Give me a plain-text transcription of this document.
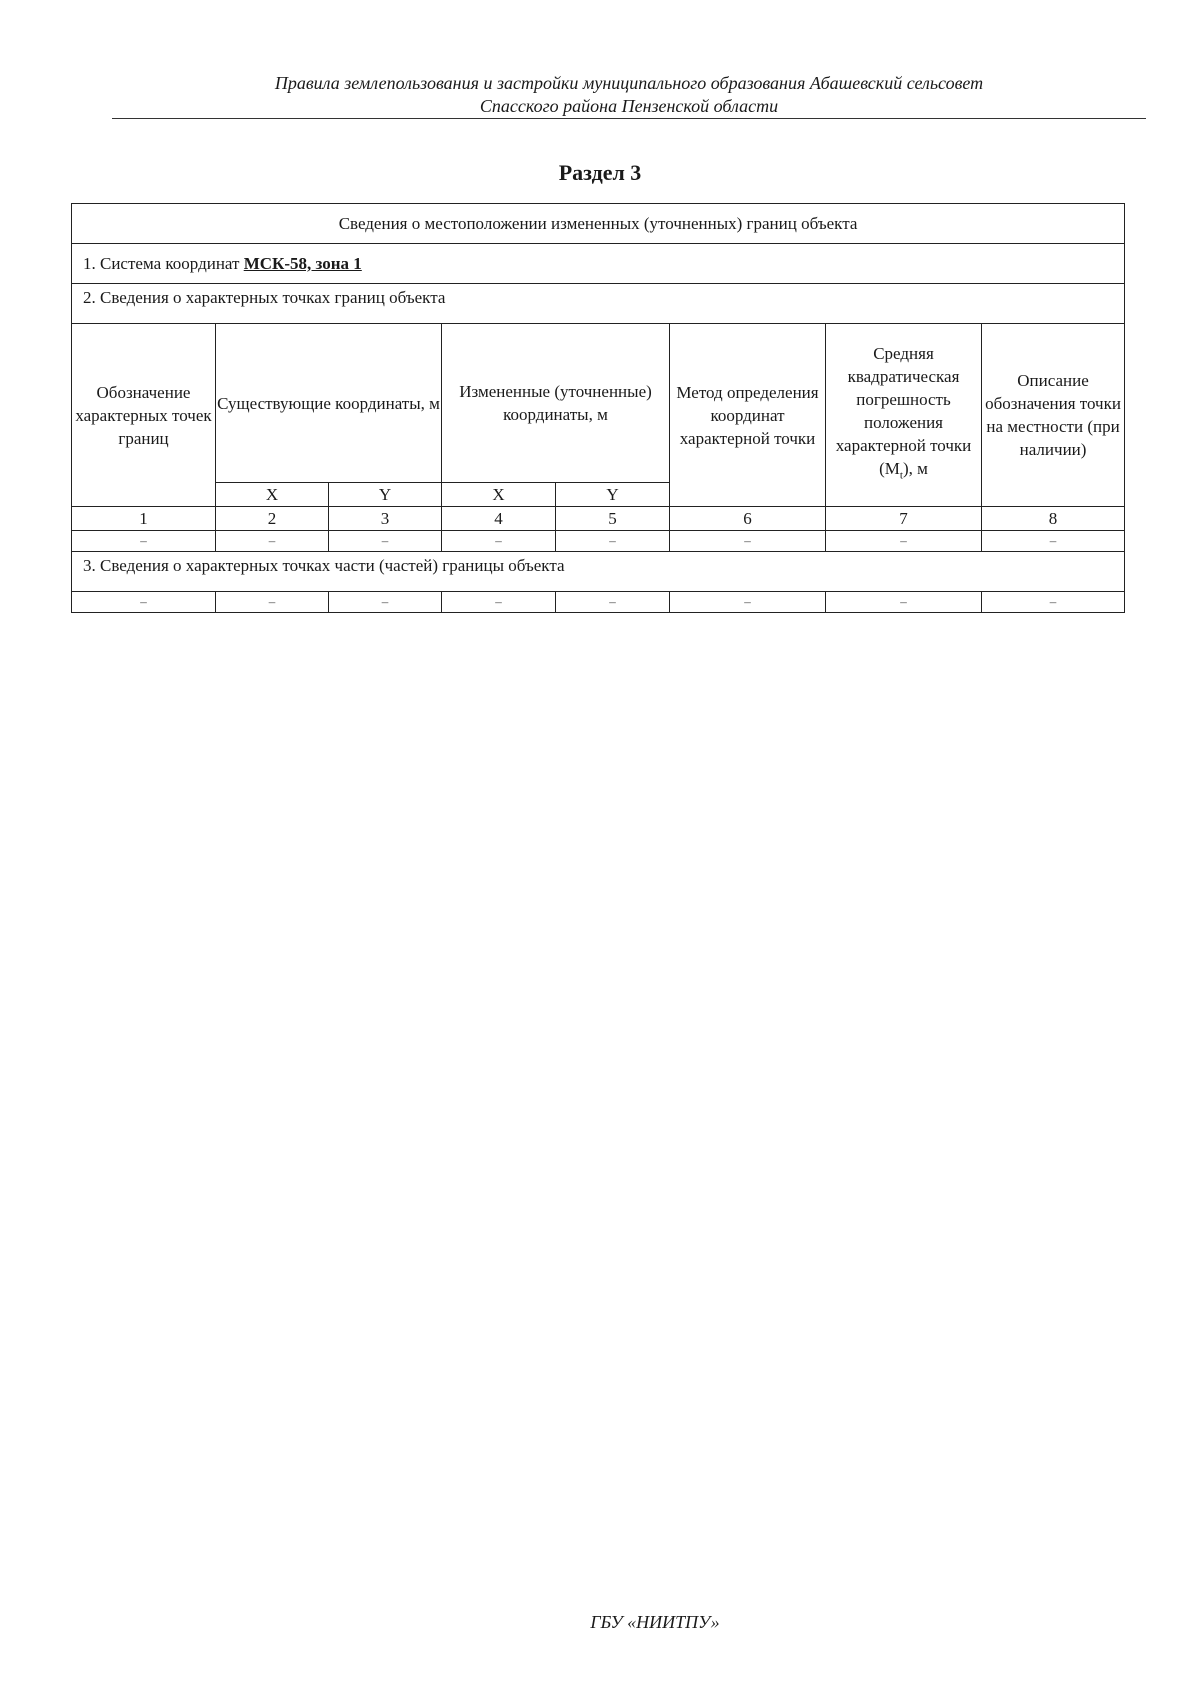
Правила землепользования и застройки муниципального образования Абашевский сельсовет
Спасского района Пензенской области
Раздел 3
Сведения о местоположении измененных (уточненных) границ объекта							
1. Система координат МСК-58, зона 1							
2. Сведения о характерных точках границ объекта							
Обозначение характерных точек границ	Существующие координаты, м		Измененные (уточненные) координаты, м		Метод определения координат характерной точки	Средняя квадратическая погрешность положения характерной точки $(M_t)$, м	Описание обозначения точки на местности (при наличии)
	X	Y	X	Y			
1	2	3	4	5	6	7	8
–	–	–	–	–	–	–	–
3. Сведения о характерных точках части (частей) границы объекта							
–	–	–	–	–	–	–	–
ГБУ «НИИТПУ»
